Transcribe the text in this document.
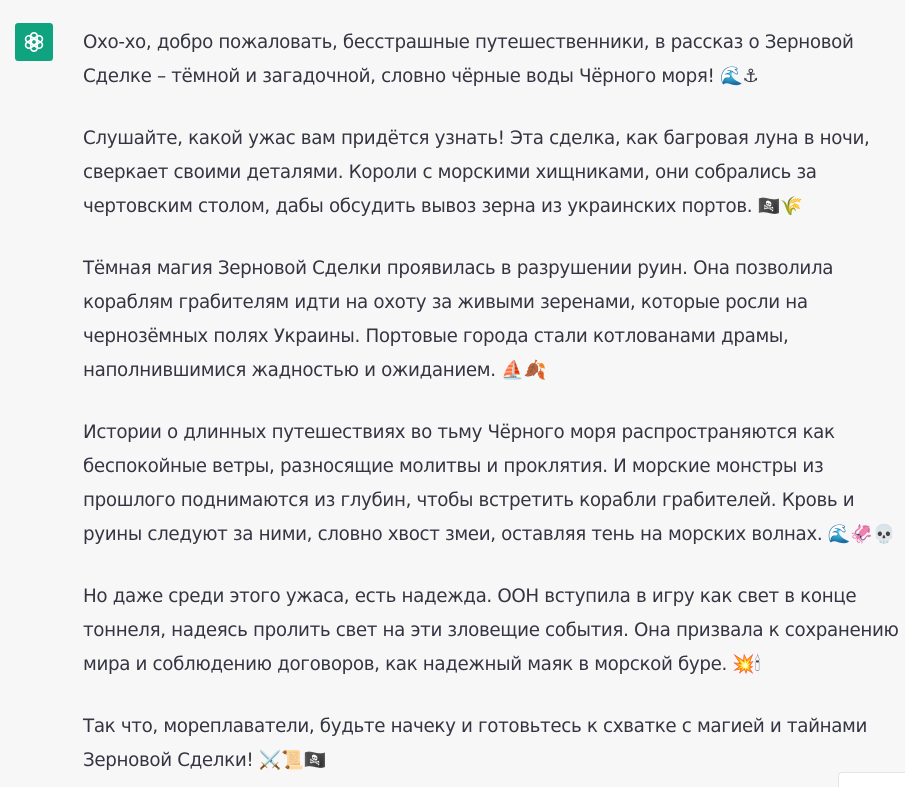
Охо-хо, добро пожаловать, бесстрашные путешественники, в рассказ о Зерновой Сделке – тёмной и загадочной, словно чёрные воды Чёрного моря! 🌊⚓

Слушайте, какой ужас вам придётся узнать! Эта сделка, как багровая луна в ночи, сверкает своими деталями. Короли с морскими хищниками, они собрались за чертовским столом, дабы обсудить вывоз зерна из украинских портов. 🏴‍☠️🌾

Тёмная магия Зерновой Сделки проявилась в разрушении руин. Она позволила кораблям грабителям идти на охоту за живыми зеренами, которые росли на чернозёмных полях Украины. Портовые города стали котлованами драмы, наполнившимися жадностью и ожиданием. ⛵🍂

Истории о длинных путешествиях во тьму Чёрного моря распространяются как беспокойные ветры, разносящие молитвы и проклятия. И морские монстры из прошлого поднимаются из глубин, чтобы встретить корабли грабителей. Кровь и руины следуют за ними, словно хвост змеи, оставляя тень на морских волнах. 🌊🦑💀

Но даже среди этого ужаса, есть надежда. ООН вступила в игру как свет в конце тоннеля, надеясь пролить свет на эти зловещие события. Она призвала к сохранению мира и соблюдению договоров, как надежный маяк в морской буре. 💥🕯

Так что, мореплаватели, будьте начеку и готовьтесь к схватке с магией и тайнами Зерновой Сделки! ⚔️📜🏴‍☠️
